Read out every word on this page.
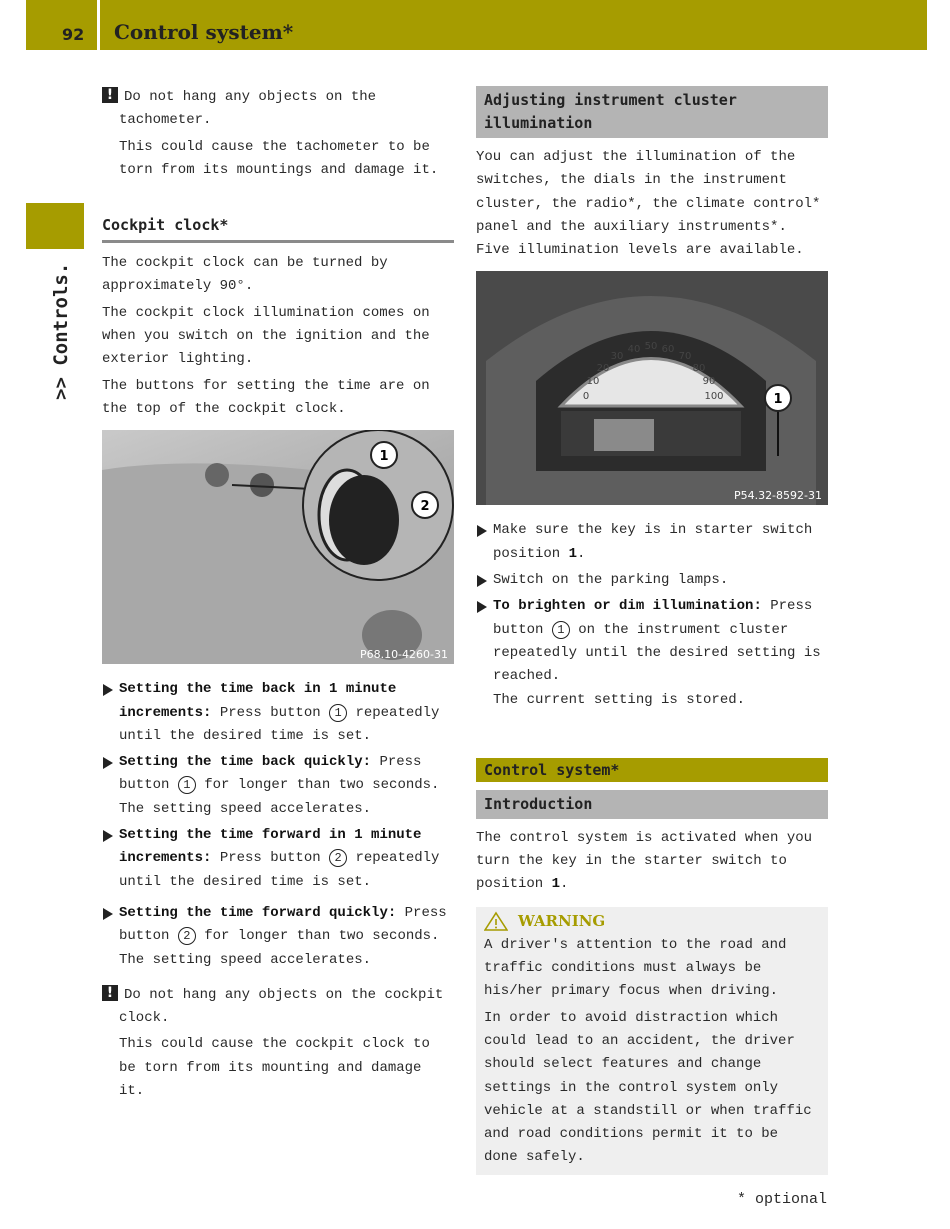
92	Control system*
>> Controls.

! Do not hang any objects on the tachometer.

This could cause the tachometer to be torn from its mountings and damage it.

Cockpit clock*

The cockpit clock can be turned by approximately 90°.

The cockpit clock illumination comes on when you switch on the ignition and the exterior lighting.

The buttons for setting the time are on the top of the cockpit clock.

1
2
P68.10-4260-31
Setting the time back in 1 minute increments: Press button 1 repeatedly until the desired time is set.
Setting the time back quickly: Press button 1 for longer than two seconds.
The setting speed accelerates.
Setting the time forward in 1 minute increments: Press button 2 repeatedly until the desired time is set.
Setting the time forward quickly: Press button 2 for longer than two seconds.
The setting speed accelerates.

! Do not hang any objects on the cockpit clock.

This could cause the cockpit clock to be torn from its mounting and damage it.

Adjusting instrument cluster illumination

You can adjust the illumination of the switches, the dials in the instrument cluster, the radio*, the climate control* panel and the auxiliary instruments*. Five illumination levels are available.

1
0
10
20
30
40 50 60
70
80
90
100
P54.32-8592-31
Make sure the key is in starter switch position 1.
Switch on the parking lamps.
To brighten or dim illumination: Press button 1 on the instrument cluster repeatedly until the desired setting is reached.
The current setting is stored.
Control system*
Introduction

The control system is activated when you turn the key in the starter switch to position 1.

WARNING

A driver's attention to the road and traffic conditions must always be his/her primary focus when driving.

In order to avoid distraction which could lead to an accident, the driver should select features and change settings in the control system only vehicle at a standstill or when traffic and road conditions permit it to be done safely.

* optional
